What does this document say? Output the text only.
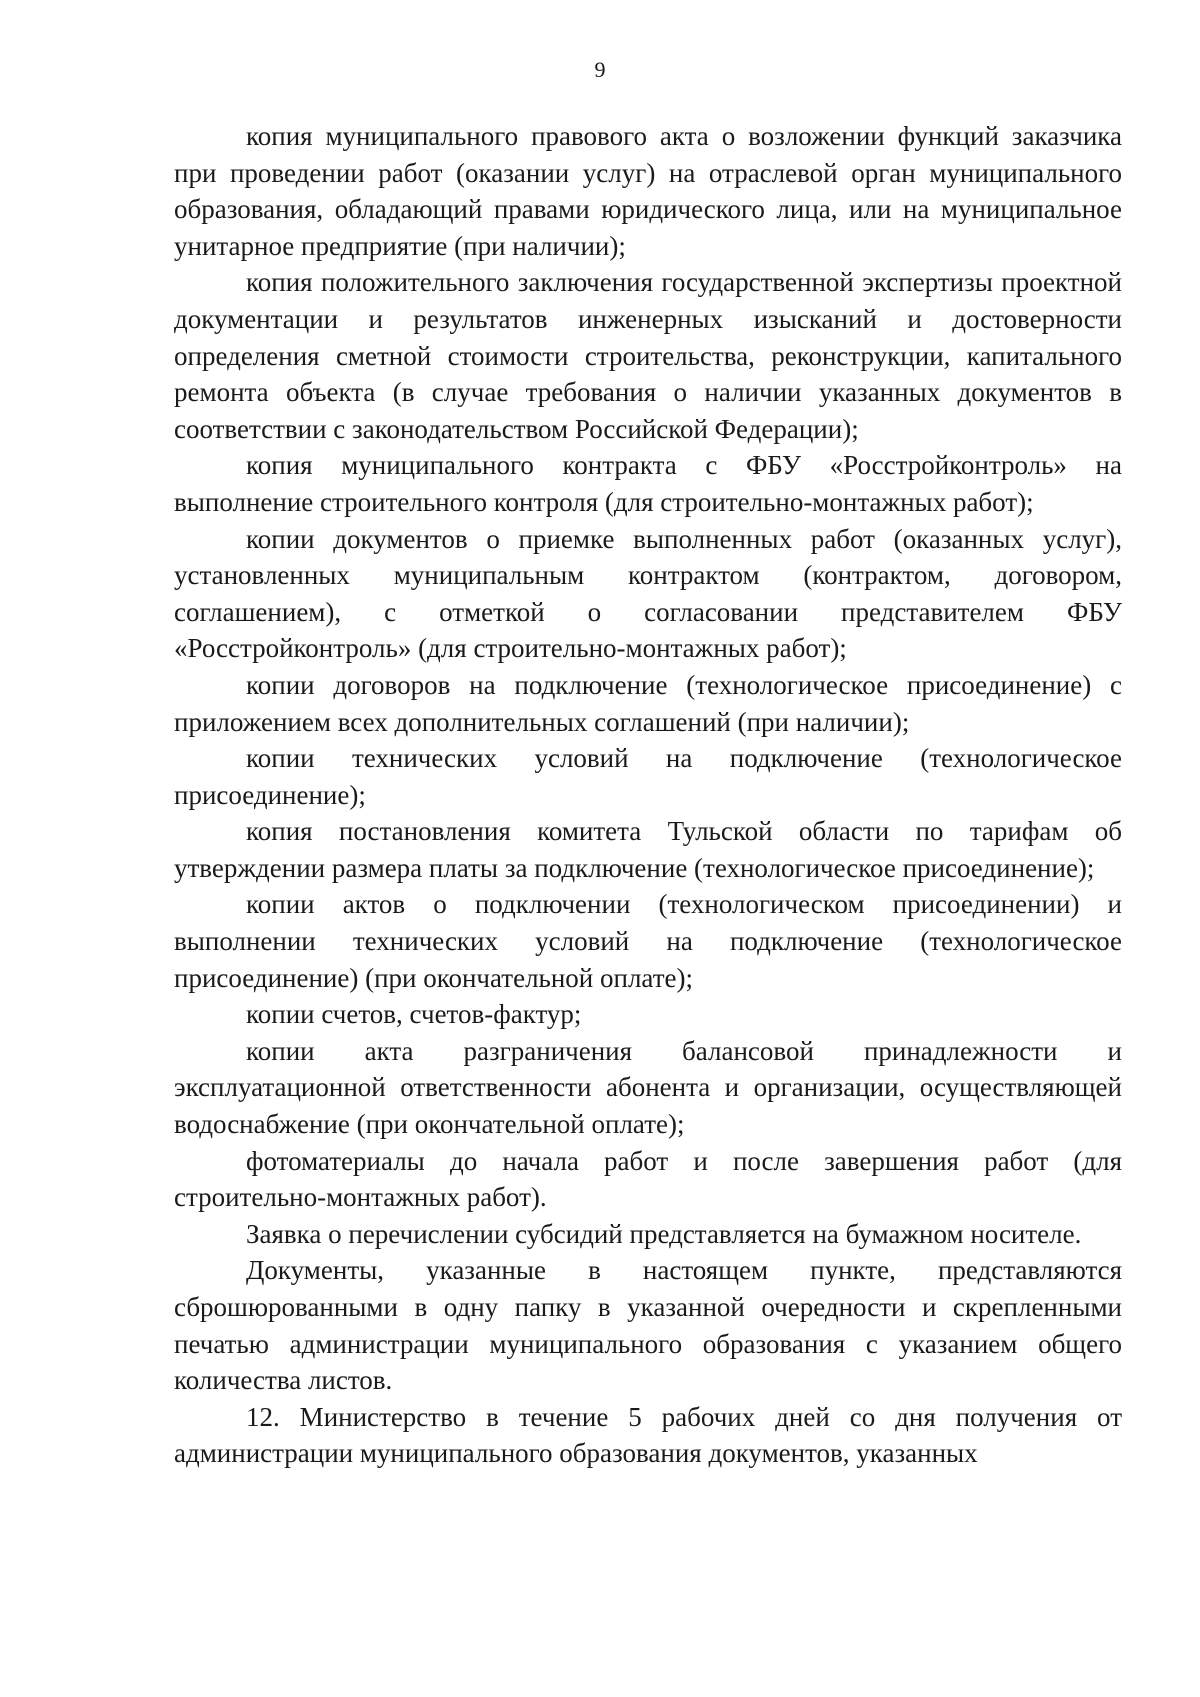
9

копия муниципального правового акта о возложении функций заказчика при проведении работ (оказании услуг) на отраслевой орган муниципального образования, обладающий правами юридического лица, или на муниципальное унитарное предприятие (при наличии);

копия положительного заключения государственной экспертизы проектной документации и результатов инженерных изысканий и достоверности определения сметной стоимости строительства, реконструкции, капитального ремонта объекта (в случае требования о наличии указанных документов в соответствии с законодательством Российской Федерации);

копия муниципального контракта с ФБУ «Росстройконтроль» на выполнение строительного контроля (для строительно-монтажных работ);

копии документов о приемке выполненных работ (оказанных услуг), установленных муниципальным контрактом (контрактом, договором, соглашением), с отметкой о согласовании представителем ФБУ «Росстройконтроль» (для строительно-монтажных работ);

копии договоров на подключение (технологическое присоединение) с приложением всех дополнительных соглашений (при наличии);

копии технических условий на подключение (технологическое присоединение);

копия постановления комитета Тульской области по тарифам об утверждении размера платы за подключение (технологическое присоединение);

копии актов о подключении (технологическом присоединении) и выполнении технических условий на подключение (технологическое присоединение) (при окончательной оплате);

копии счетов, счетов-фактур;

копии акта разграничения балансовой принадлежности и эксплуатационной ответственности абонента и организации, осуществляющей водоснабжение (при окончательной оплате);

фотоматериалы до начала работ и после завершения работ (для строительно-монтажных работ).

Заявка о перечислении субсидий представляется на бумажном носителе.

Документы, указанные в настоящем пункте, представляются сброшюрованными в одну папку в указанной очередности и скрепленными печатью администрации муниципального образования с указанием общего количества листов.

12. Министерство в течение 5 рабочих дней со дня получения от администрации муниципального образования документов, указанных
